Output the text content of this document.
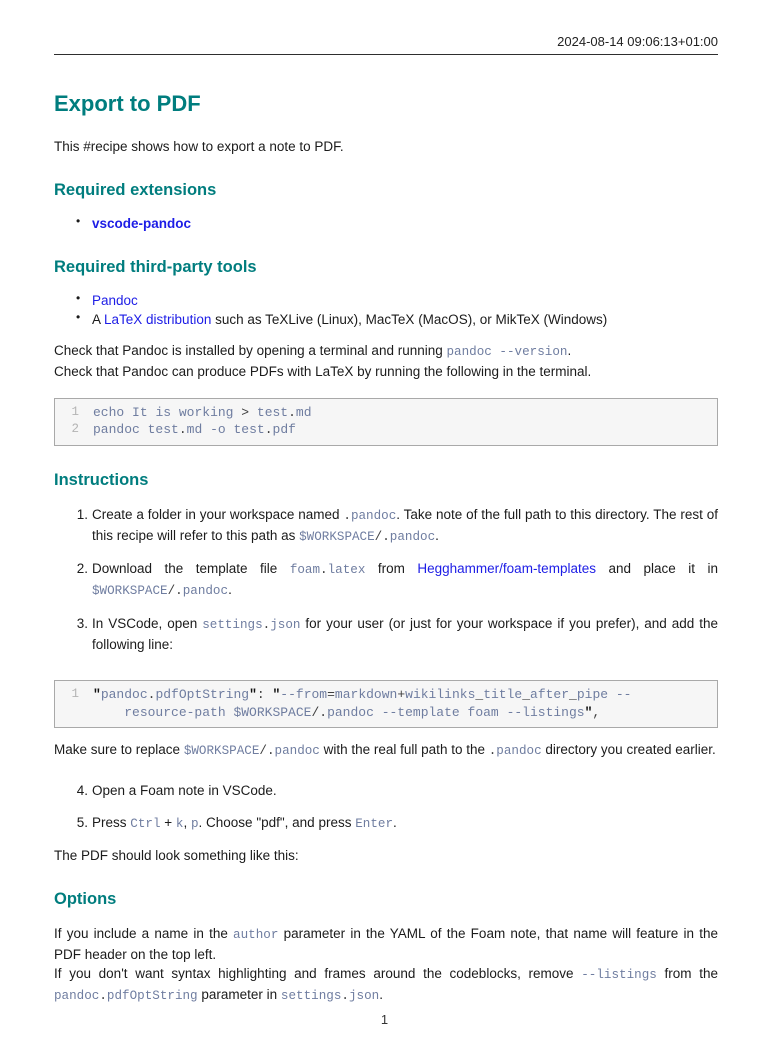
2024-08-14 09:06:13+01:00
Export to PDF

This #recipe shows how to export a note to PDF.

Required extensions
• vscode-pandoc
Required third-party tools
• Pandoc
• A LaTeX distribution such as TeXLive (Linux), MacTeX (MacOS), or MikTeX (Windows)

Check that Pandoc is installed by opening a terminal and running pandoc --version.

Check that Pandoc can produce PDFs with LaTeX by running the following in the terminal.

1 echo It is working > test.md
2 pandoc test.md -o test.pdf
Instructions
1. Create a folder in your workspace named .pandoc. Take note of the full path to this directory. The rest of this recipe will refer to this path as $WORKSPACE/.pandoc.
2. Download the template file foam.latex from Hegghammer/foam-templates and place it in $WORKSPACE/.pandoc.
3. In VSCode, open settings.json for your user (or just for your workspace if you prefer), and add the following line:
1 "pandoc.pdfOptString": "--from=markdown+wikilinks_title_after_pipe --
resource-path $WORKSPACE/.pandoc --template foam --listings",

Make sure to replace $WORKSPACE/.pandoc with the real full path to the .pandoc directory you created earlier.

4. Open a Foam note in VSCode.
5. Press Ctrl + k, p. Choose "pdf", and press Enter.

The PDF should look something like this:

Options

If you include a name in the author parameter in the YAML of the Foam note, that name will feature in the PDF header on the top left.

If you don't want syntax highlighting and frames around the codeblocks, remove --listings from the pandoc.pdfOptString parameter in settings.json.

1
